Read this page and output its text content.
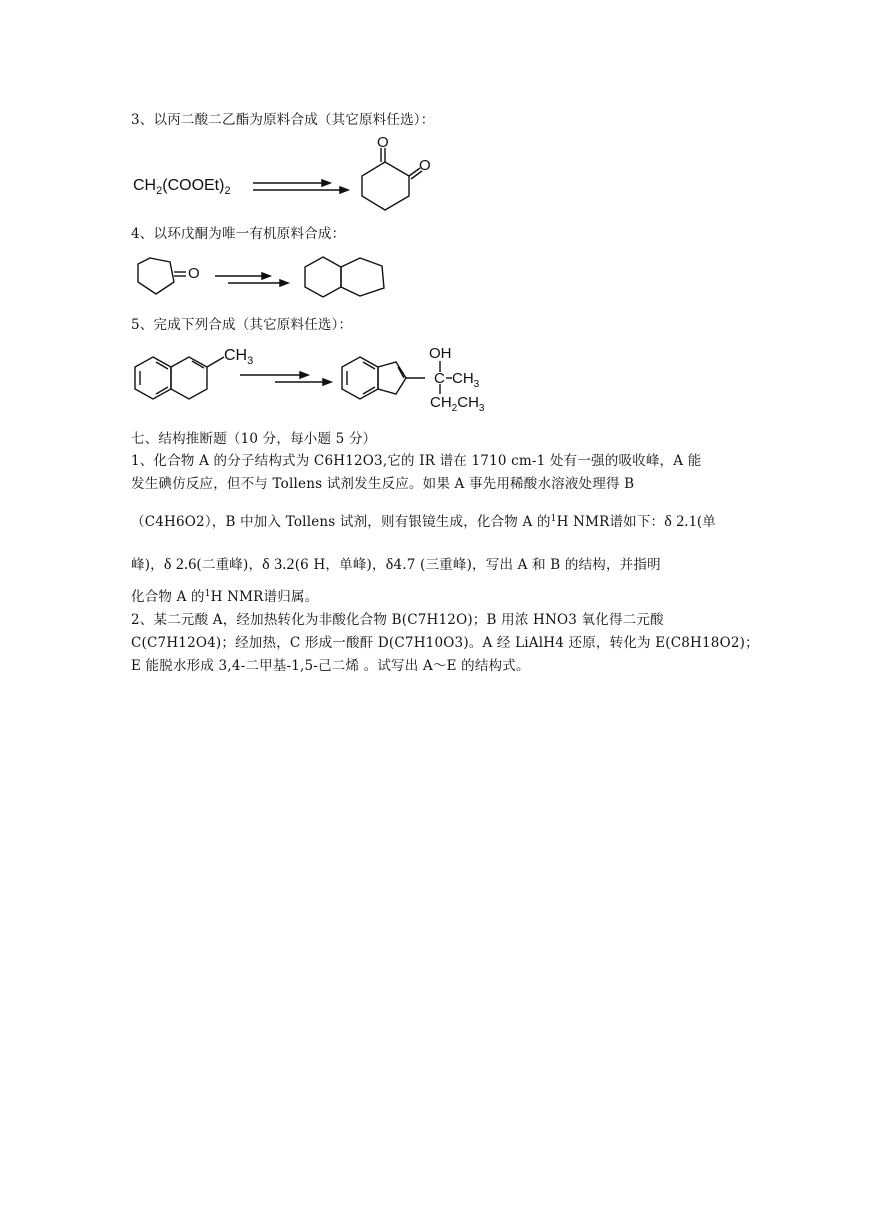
3、以丙二酸二乙酯为原料合成（其它原料任选）：
$CH_2(COOEt)_2$
$CH_3$	OH
C $CH_3$
$CH_2CH_3$
O
O
4、以环戊酮为唯一有机原料合成：
O
5、完成下列合成（其它原料任选）：
七、结构推断题（10 分，每小题 5 分）
1、化合物 A 的分子结构式为 C6H12O3,它的 IR 谱在 1710 cm-1 处有一强的吸收峰，A 能
发生碘仿反应，但不与 Tollens 试剂发生反应。如果 A 事先用稀酸水溶液处理得 B
（C4H6O2），B 中加入 Tollens 试剂，则有银镜生成，化合物 A 的$^1$H NMR谱如下：δ 2.1(单
峰)，δ 2.6(二重峰)，δ 3.2(6 H，单峰)，δ4.7 (三重峰)，写出 A 和 B 的结构，并指明
化合物 A 的$^1$H NMR谱归属。
2、某二元酸 A，经加热转化为非酸化合物 B(C7H12O)；B 用浓 HNO3 氧化得二元酸
C(C7H12O4)；经加热，C 形成一酸酐 D(C7H10O3)。A 经 LiAlH4 还原，转化为 E(C8H18O2)；
E 能脱水形成 3,4-二甲基-1,5-己二烯 。试写出 A～E 的结构式。
